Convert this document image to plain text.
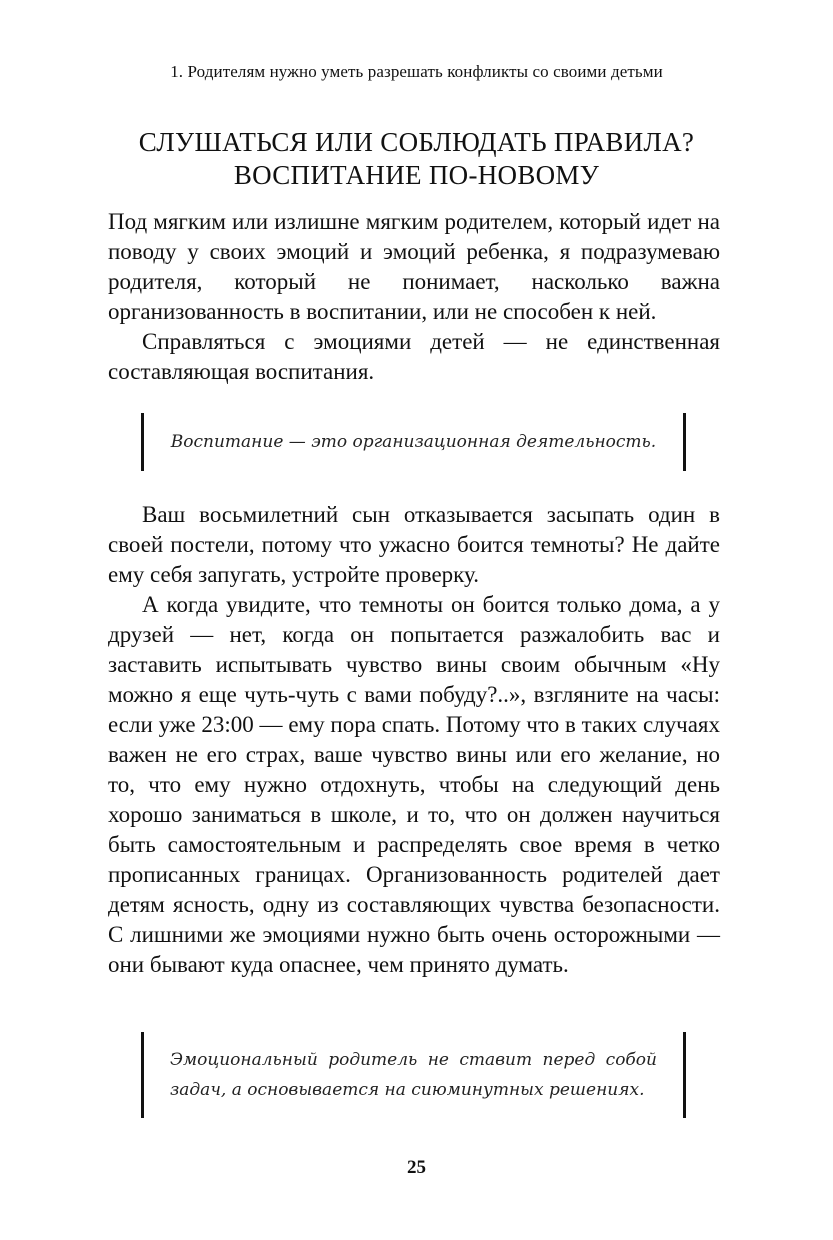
1. Родителям нужно уметь разрешать конфликты со своими детьми
СЛУШАТЬСЯ ИЛИ СОБЛЮДАТЬ ПРАВИЛА?
ВОСПИТАНИЕ ПО-НОВОМУ

Под мягким или излишне мягким родителем, который идет на поводу у своих эмоций и эмоций ребенка, я подразумеваю родителя, который не понимает, насколько важна организованность в воспитании, или не способен к ней.

Справляться с эмоциями детей — не единственная составляющая воспитания.

Воспитание — это организационная деятельность.

Ваш восьмилетний сын отказывается засыпать один в своей постели, потому что ужасно боится темноты? Не дайте ему себя запугать, устройте проверку.

А когда увидите, что темноты он боится только дома, а у друзей — нет, когда он попытается разжалобить вас и заставить испытывать чувство вины своим обычным «Ну можно я еще чуть-чуть с вами побуду?..», взгляните на часы: если уже 23:00 — ему пора спать. Потому что в таких случаях важен не его страх, ваше чувство вины или его желание, но то, что ему нужно отдохнуть, чтобы на следующий день хорошо заниматься в школе, и то, что он должен научиться быть самостоятельным и распределять свое время в четко прописанных границах. Организованность родителей дает детям ясность, одну из составляющих чувства безопасности. С лишними же эмоциями нужно быть очень осторожными — они бывают куда опаснее, чем принято думать.

Эмоциональный родитель не ставит перед собой задач, а основывается на сиюминутных решениях.
25
